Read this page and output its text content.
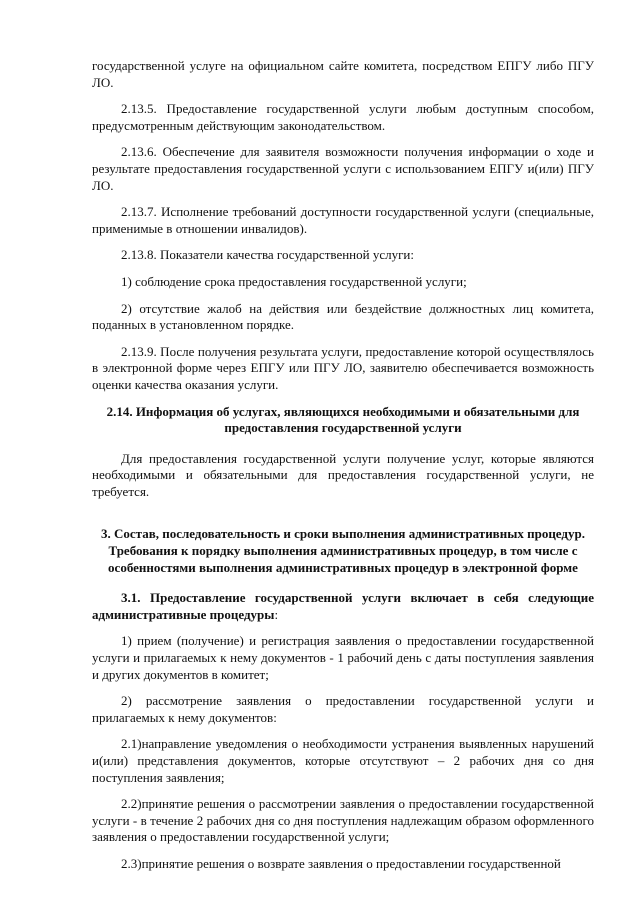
государственной услуге на официальном сайте комитета, посредством ЕПГУ либо ПГУ ЛО.

2.13.5. Предоставление государственной услуги любым доступным способом, предусмотренным действующим законодательством.

2.13.6. Обеспечение для заявителя возможности получения информации о ходе и результате предоставления государственной услуги с использованием ЕПГУ и(или) ПГУ ЛО.

2.13.7. Исполнение требований доступности государственной услуги (специальные, применимые в отношении инвалидов).

2.13.8. Показатели качества государственной услуги:

1) соблюдение срока предоставления государственной услуги;

2) отсутствие жалоб на действия или бездействие должностных лиц комитета, поданных в установленном порядке.

2.13.9. После получения результата услуги, предоставление которой осуществлялось в электронной форме через ЕПГУ или ПГУ ЛО, заявителю обеспечивается возможность оценки качества оказания услуги.

2.14. Информация об услугах, являющихся необходимыми и обязательными для предоставления государственной услуги

Для предоставления государственной услуги получение услуг, которые являются необходимыми и обязательными для предоставления государственной услуги, не требуется.

3. Состав, последовательность и сроки выполнения административных процедур. Требования к порядку выполнения административных процедур, в том числе с особенностями выполнения административных процедур в электронной форме

3.1. Предоставление государственной услуги включает в себя следующие административные процедуры:

1) прием (получение) и регистрация заявления о предоставлении государственной услуги и прилагаемых к нему документов - 1 рабочий день с даты поступления заявления и других документов в комитет;

2) рассмотрение заявления о предоставлении государственной услуги и прилагаемых к нему документов:

2.1)направление уведомления о необходимости устранения выявленных нарушений и(или) представления документов, которые отсутствуют – 2 рабочих дня со дня поступления заявления;

2.2)принятие решения о рассмотрении заявления о предоставлении государственной услуги - в течение 2 рабочих дня со дня поступления надлежащим образом оформленного заявления о предоставлении государственной услуги;

2.3)принятие решения о возврате заявления о предоставлении государственной
